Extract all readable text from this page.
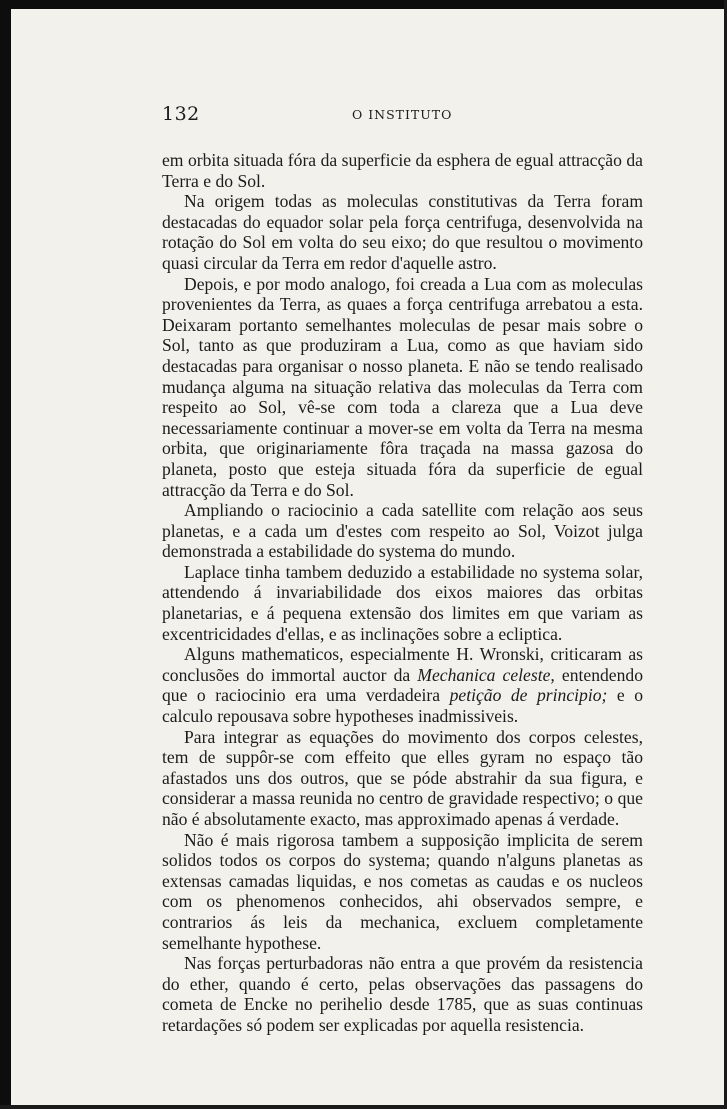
132	O INSTITUTO

em orbita situada fóra da superficie da esphera de egual attracção da Terra e do Sol.

Na origem todas as moleculas constitutivas da Terra foram destacadas do equador solar pela força centrifuga, desenvolvida na rotação do Sol em volta do seu eixo; do que resultou o movimento quasi circular da Terra em redor d'aquelle astro.

Depois, e por modo analogo, foi creada a Lua com as moleculas provenientes da Terra, as quaes a força centrifuga arrebatou a esta. Deixaram portanto semelhantes moleculas de pesar mais sobre o Sol, tanto as que produziram a Lua, como as que haviam sido destacadas para organisar o nosso planeta. E não se tendo realisado mudança alguma na situação relativa das moleculas da Terra com respeito ao Sol, vê-se com toda a clareza que a Lua deve necessariamente continuar a mover-se em volta da Terra na mesma orbita, que originariamente fôra traçada na massa gazosa do planeta, posto que esteja situada fóra da superficie de egual attracção da Terra e do Sol.

Ampliando o raciocinio a cada satellite com relação aos seus planetas, e a cada um d'estes com respeito ao Sol, Voizot julga demonstrada a estabilidade do systema do mundo.

Laplace tinha tambem deduzido a estabilidade no systema solar, attendendo á invariabilidade dos eixos maiores das orbitas planetarias, e á pequena extensão dos limites em que variam as excentricidades d'ellas, e as inclinações sobre a ecliptica.

Alguns mathematicos, especialmente H. Wronski, criticaram as conclusões do immortal auctor da Mechanica celeste, entendendo que o raciocinio era uma verdadeira petição de principio; e o calculo repousava sobre hypotheses inadmissiveis.

Para integrar as equações do movimento dos corpos celestes, tem de suppôr-se com effeito que elles gyram no espaço tão afastados uns dos outros, que se póde abstrahir da sua figura, e considerar a massa reunida no centro de gravidade respectivo; o que não é absolutamente exacto, mas approximado apenas á verdade.

Não é mais rigorosa tambem a supposição implicita de serem solidos todos os corpos do systema; quando n'alguns planetas as extensas camadas liquidas, e nos cometas as caudas e os nucleos com os phenomenos conhecidos, ahi observados sempre, e contrarios ás leis da mechanica, excluem completamente semelhante hypothese.

Nas forças perturbadoras não entra a que provém da resistencia do ether, quando é certo, pelas observações das passagens do cometa de Encke no perihelio desde 1785, que as suas continuas retardações só podem ser explicadas por aquella resistencia.
